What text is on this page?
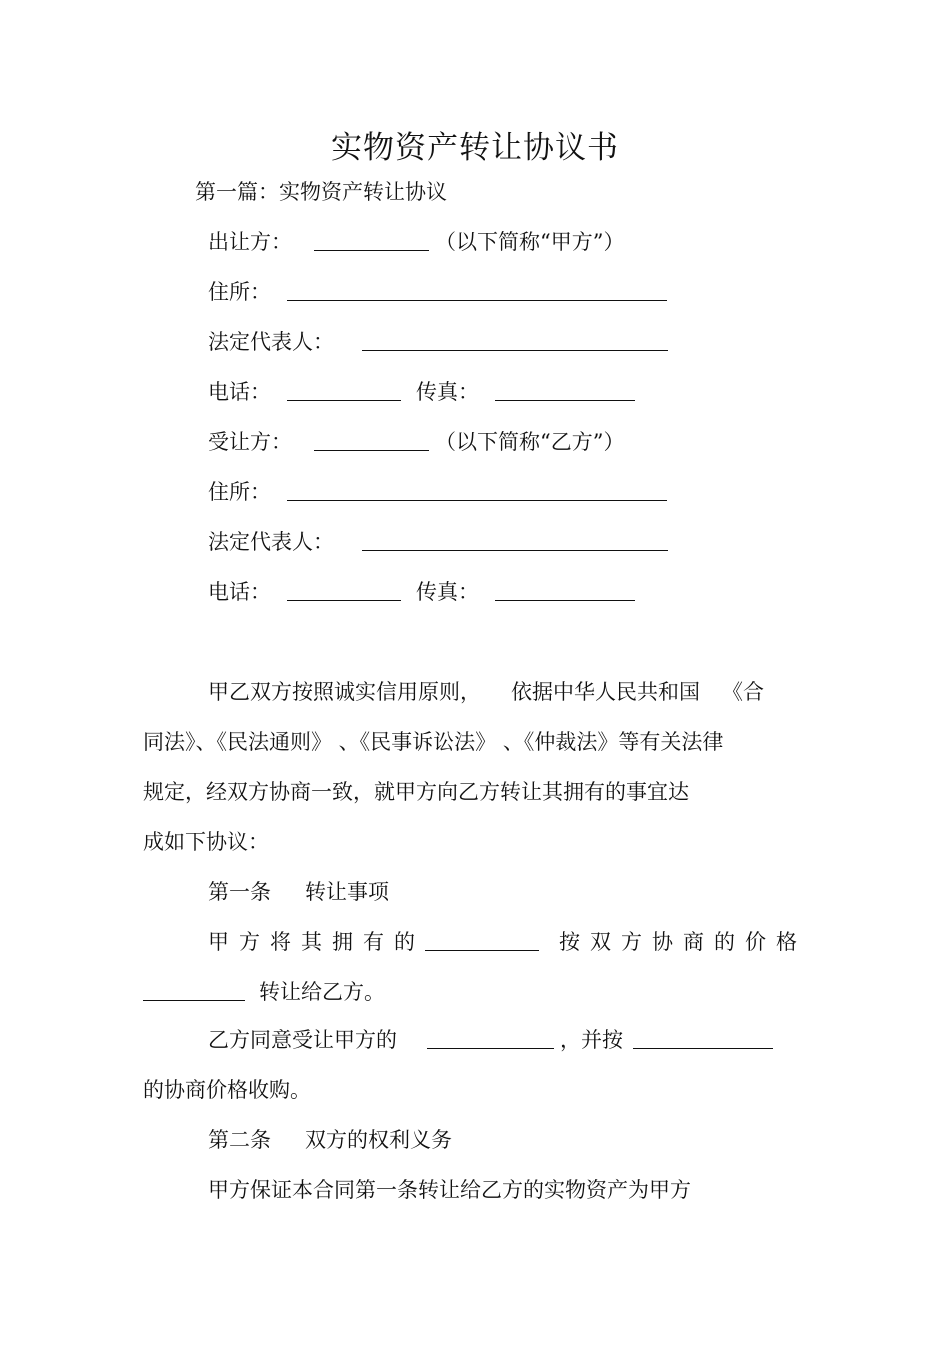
实物资产转让协议书
第一篇：实物资产转让协议
出让方：	（以下简称“甲方”）
住所：
法定代表人：
电话：	传真：
受让方：	（以下简称“乙方”）
住所：
法定代表人：
电话：	传真：
甲乙双方按照诚实信用原则， 依据中华人民共和国 《合
同法》、《民法通则》 、《民事诉讼法》 、《仲裁法》等有关法律
规定，经双方协商一致，就甲方向乙方转让其拥有的事宜达
成如下协议：
第一条 转让事项
甲方将其拥有的	按双方协商的价格
转让给乙方。
乙方同意受让甲方的	，并按
的协商价格收购。
第二条 双方的权利义务
甲方保证本合同第一条转让给乙方的实物资产为甲方
